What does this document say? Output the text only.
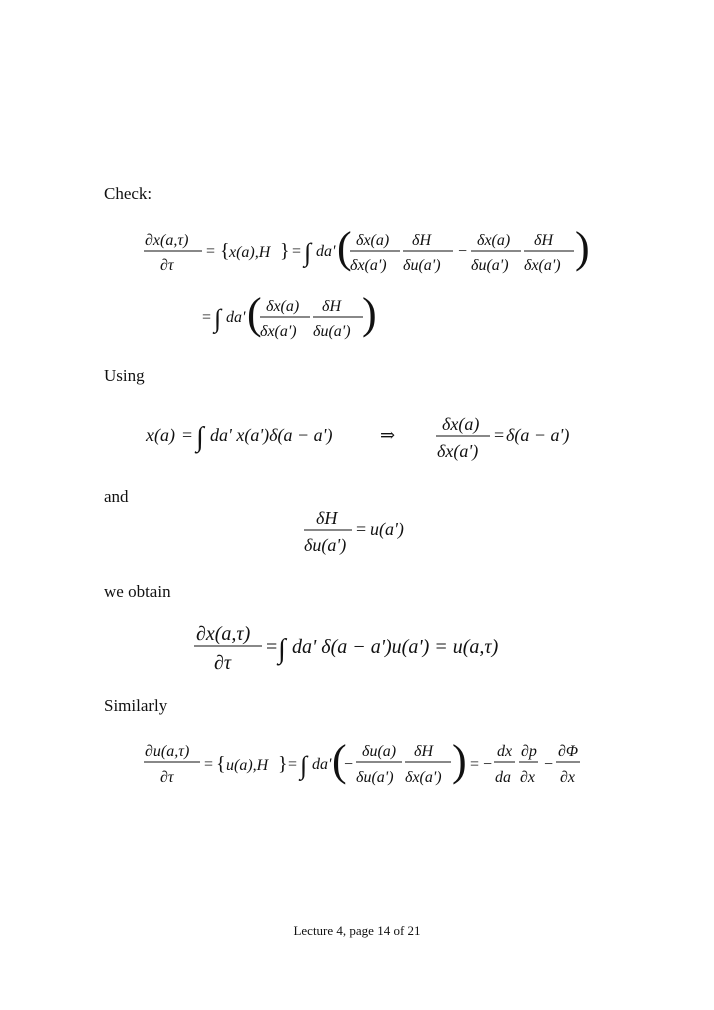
Check:
Using
and
we obtain
Similarly
∂x(a,τ)
∂τ
= { x(a),H } = ∫ da' ( δx(a)
δx(a')
δH
δu(a')
−
δx(a)
δu(a')
δH
δx(a') )
= ∫ da' ( δx(a)
δx(a')
δH
δu(a') )
x(a) = ∫ da' x(a')δ(a − a')	⇒
δx(a)
δx(a')
= δ(a − a')
δH
δu(a')
= u(a')
∂x(a,τ)
∂τ
= ∫ da' δ(a − a')u(a') = u(a,τ)
∂u(a,τ)
∂τ
= { u(a),H } = ∫ da' (
−
δu(a)
δu(a')
δH
δx(a') ) = −
dx
da
∂p
∂x
−
∂Φ
∂x
Lecture 4, page 14 of 21
